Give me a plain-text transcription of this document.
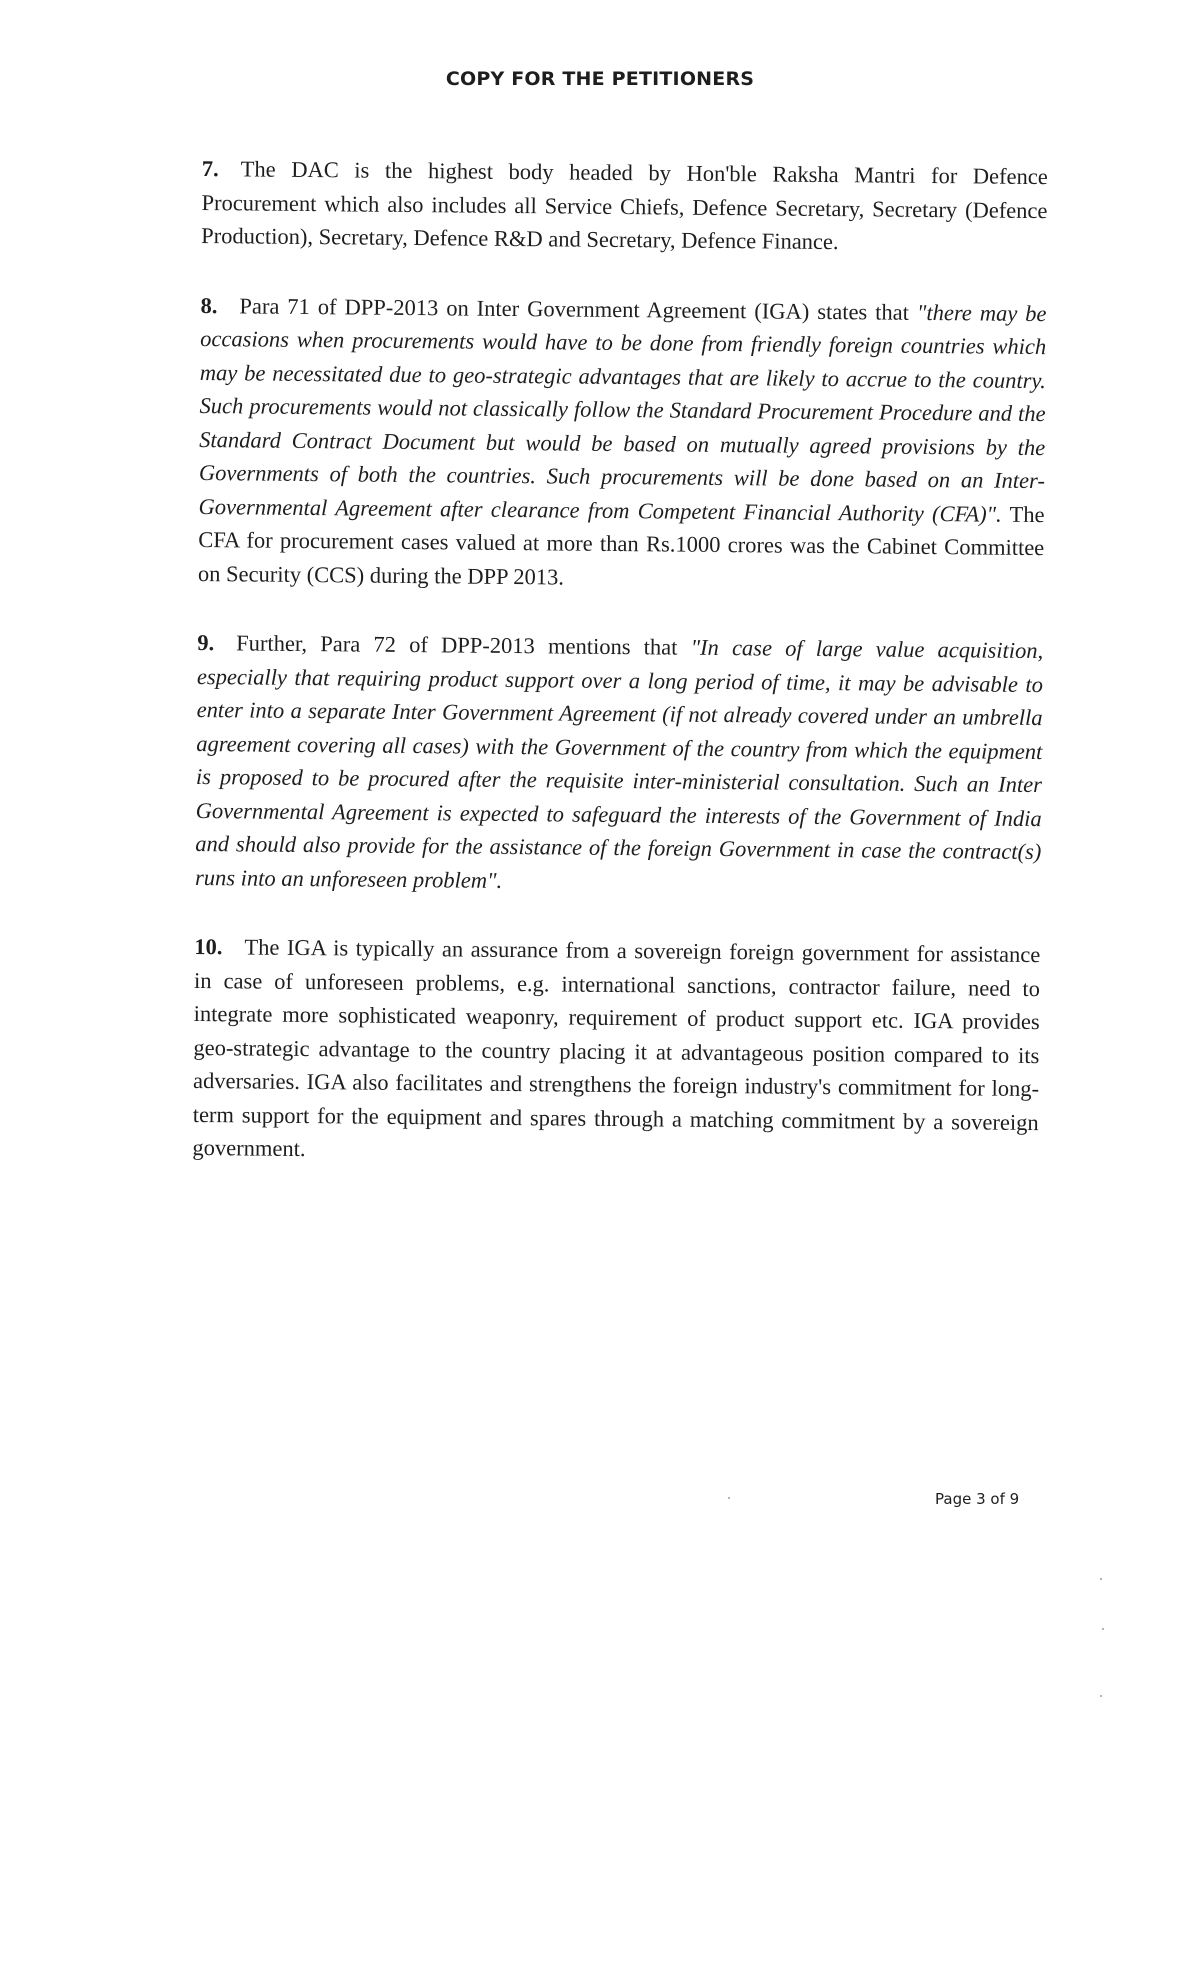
COPY FOR THE PETITIONERS

7. The DAC is the highest body headed by Hon'ble Raksha Mantri for Defence Procurement which also includes all Service Chiefs, Defence Secretary, Secretary (Defence Production), Secretary, Defence R&D and Secretary, Defence Finance.

8. Para 71 of DPP-2013 on Inter Government Agreement (IGA) states that "there may be occasions when procurements would have to be done from friendly foreign countries which may be necessitated due to geo-strategic advantages that are likely to accrue to the country. Such procurements would not classically follow the Standard Procurement Procedure and the Standard Contract Document but would be based on mutually agreed provisions by the Governments of both the countries. Such procurements will be done based on an Inter-Governmental Agreement after clearance from Competent Financial Authority (CFA)". The CFA for procurement cases valued at more than Rs.1000 crores was the Cabinet Committee on Security (CCS) during the DPP 2013.

9. Further, Para 72 of DPP-2013 mentions that "In case of large value acquisition, especially that requiring product support over a long period of time, it may be advisable to enter into a separate Inter Government Agreement (if not already covered under an umbrella agreement covering all cases) with the Government of the country from which the equipment is proposed to be procured after the requisite inter-ministerial consultation. Such an Inter Governmental Agreement is expected to safeguard the interests of the Government of India and should also provide for the assistance of the foreign Government in case the contract(s) runs into an unforeseen problem".

10. The IGA is typically an assurance from a sovereign foreign government for assistance in case of unforeseen problems, e.g. international sanctions, contractor failure, need to integrate more sophisticated weaponry, requirement of product support etc. IGA provides geo-strategic advantage to the country placing it at advantageous position compared to its adversaries. IGA also facilitates and strengthens the foreign industry's commitment for long-term support for the equipment and spares through a matching commitment by a sovereign government.

Page 3 of 9
